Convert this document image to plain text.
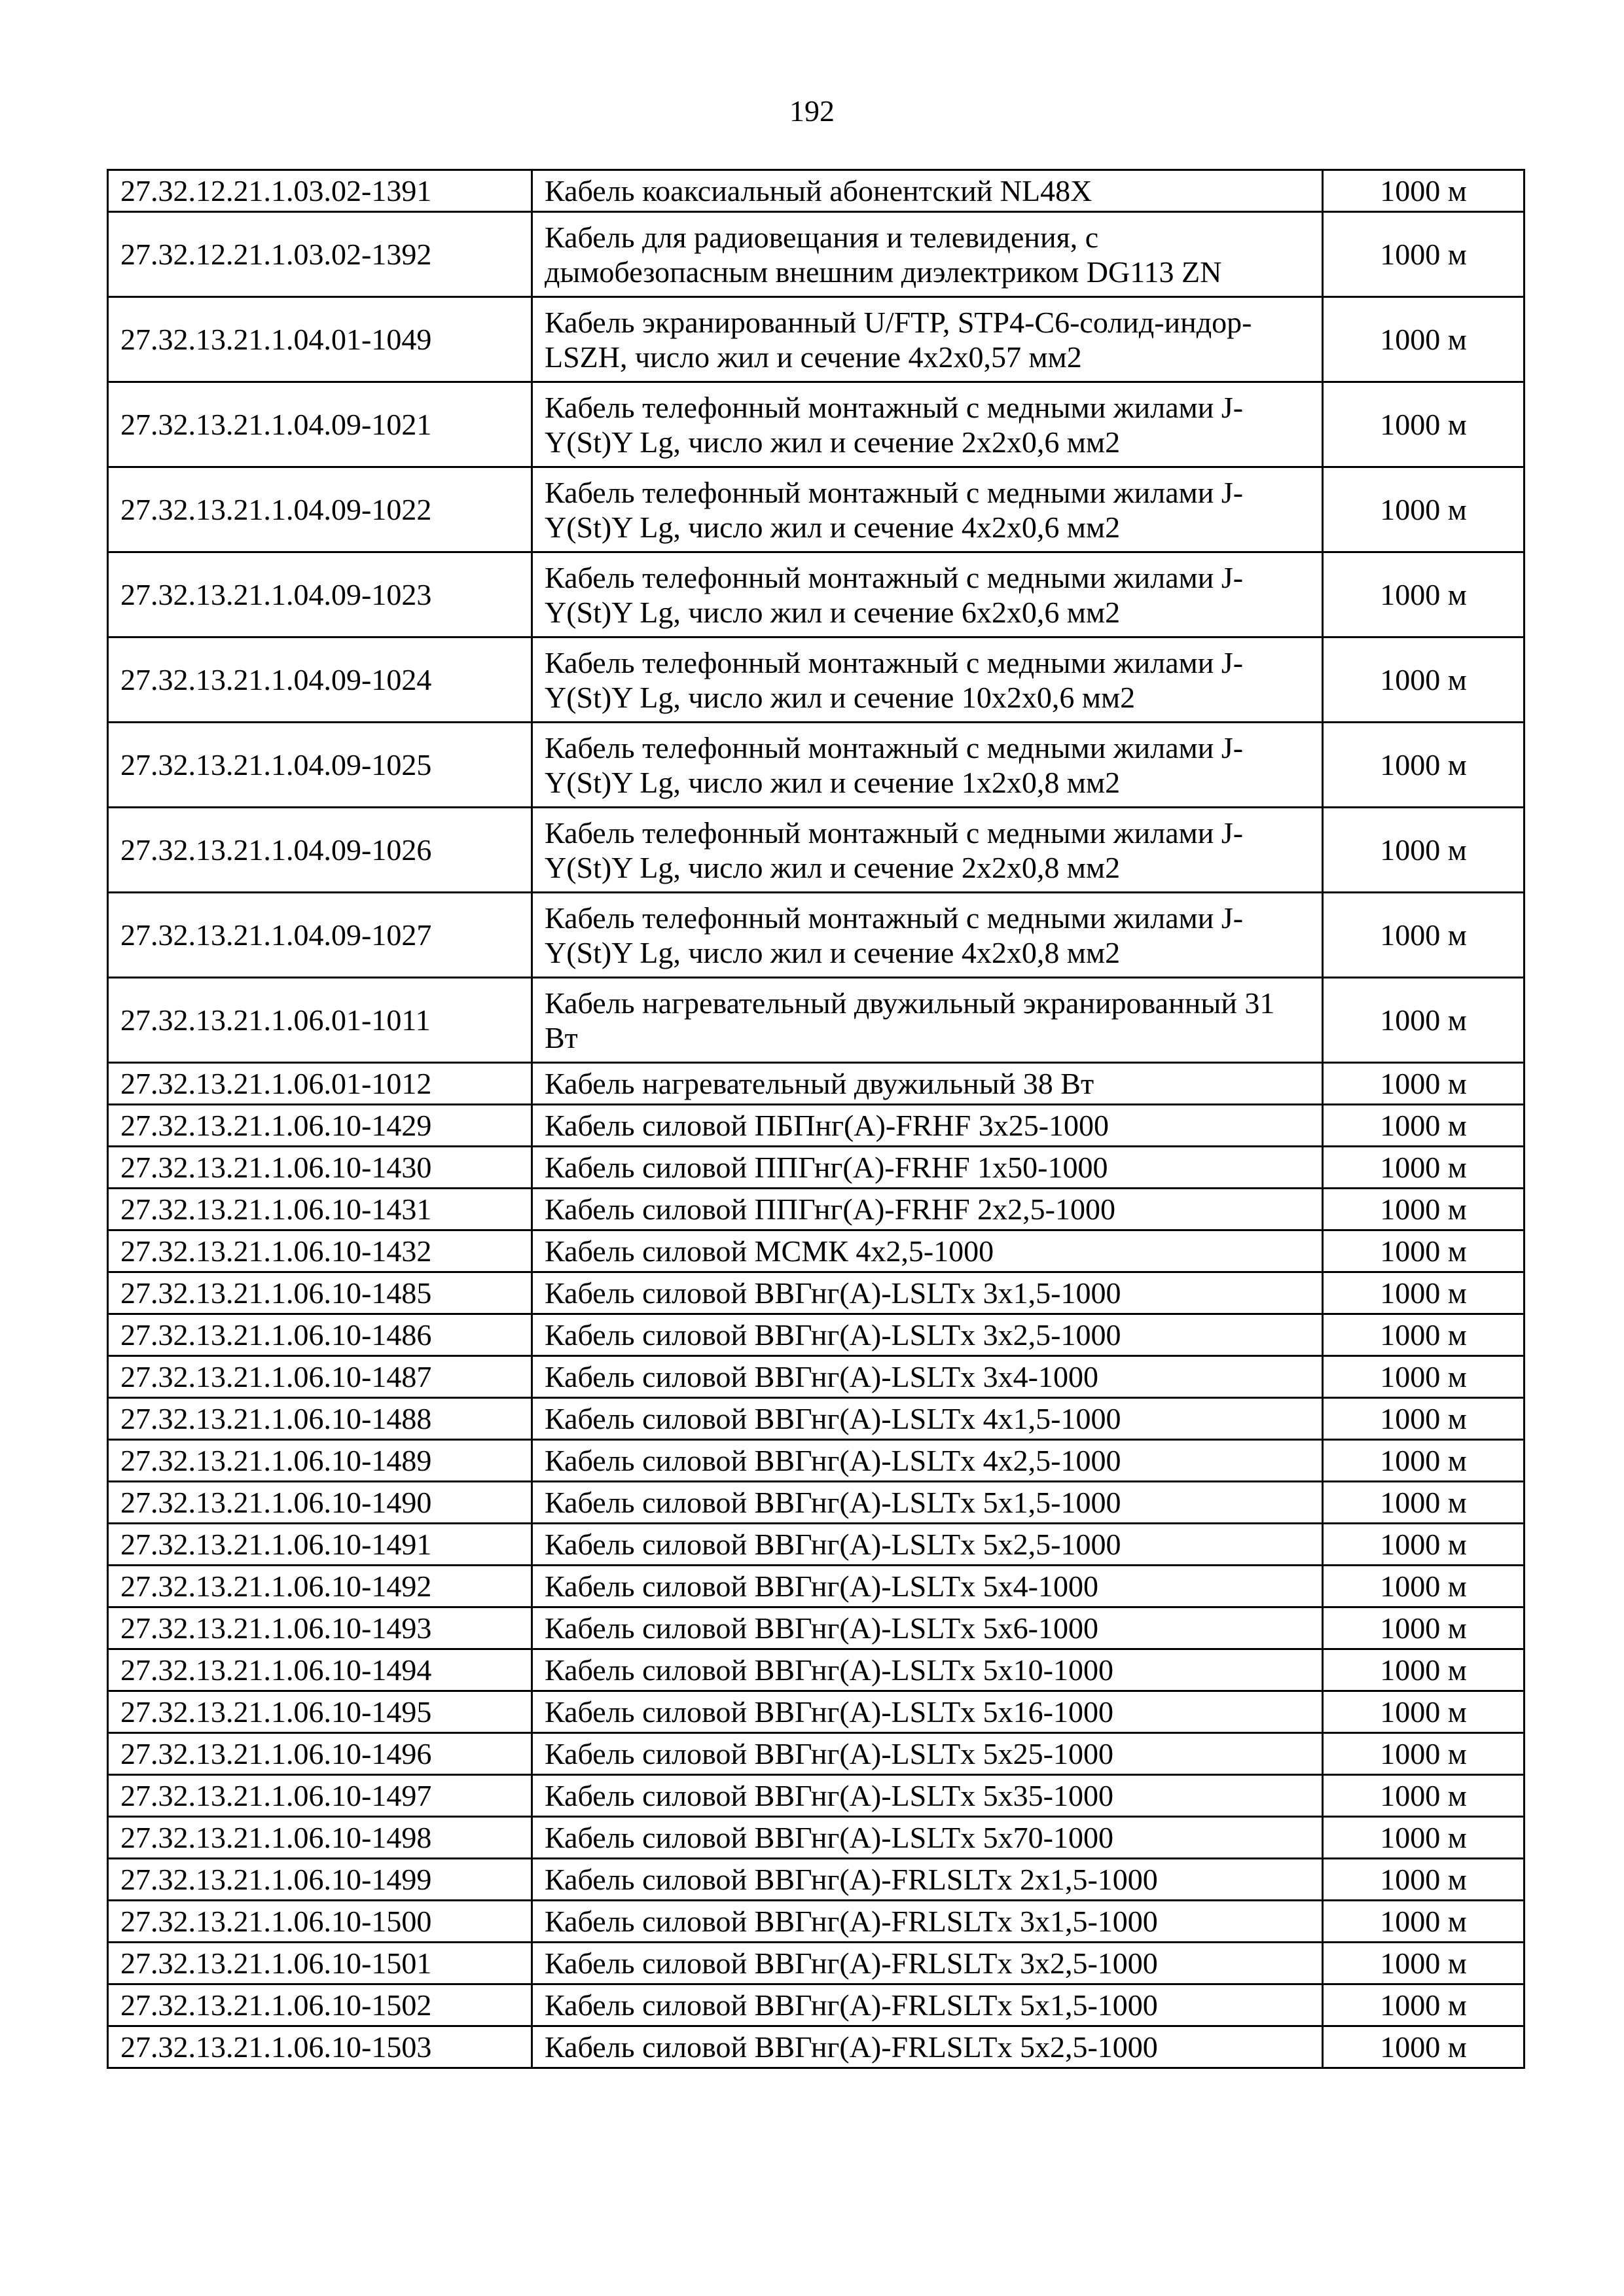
192
27.32.12.21.1.03.02-1391	Кабель коаксиальный абонентский NL48X	1000 м
27.32.12.21.1.03.02-1392	Кабель для радиовещания и телевидения, с дымобезопасным внешним диэлектриком DG113 ZN	1000 м
27.32.13.21.1.04.01-1049	Кабель экранированный U/FTP, STP4-C6-солид-индор-LSZH, число жил и сечение 4x2x0,57 мм2	1000 м
27.32.13.21.1.04.09-1021	Кабель телефонный монтажный с медными жилами J-Y(St)Y Lg, число жил и сечение 2x2x0,6 мм2	1000 м
27.32.13.21.1.04.09-1022	Кабель телефонный монтажный с медными жилами J-Y(St)Y Lg, число жил и сечение 4x2x0,6 мм2	1000 м
27.32.13.21.1.04.09-1023	Кабель телефонный монтажный с медными жилами J-Y(St)Y Lg, число жил и сечение 6x2x0,6 мм2	1000 м
27.32.13.21.1.04.09-1024	Кабель телефонный монтажный с медными жилами J-Y(St)Y Lg, число жил и сечение 10x2x0,6 мм2	1000 м
27.32.13.21.1.04.09-1025	Кабель телефонный монтажный с медными жилами J-Y(St)Y Lg, число жил и сечение 1x2x0,8 мм2	1000 м
27.32.13.21.1.04.09-1026	Кабель телефонный монтажный с медными жилами J-Y(St)Y Lg, число жил и сечение 2x2x0,8 мм2	1000 м
27.32.13.21.1.04.09-1027	Кабель телефонный монтажный с медными жилами J-Y(St)Y Lg, число жил и сечение 4x2x0,8 мм2	1000 м
27.32.13.21.1.06.01-1011	Кабель нагревательный двужильный экранированный 31 Вт	1000 м
27.32.13.21.1.06.01-1012	Кабель нагревательный двужильный 38 Вт	1000 м
27.32.13.21.1.06.10-1429	Кабель силовой ПБПнг(А)-FRHF 3x25-1000	1000 м
27.32.13.21.1.06.10-1430	Кабель силовой ППГнг(А)-FRHF 1x50-1000	1000 м
27.32.13.21.1.06.10-1431	Кабель силовой ППГнг(А)-FRHF 2x2,5-1000	1000 м
27.32.13.21.1.06.10-1432	Кабель силовой МСМК 4x2,5-1000	1000 м
27.32.13.21.1.06.10-1485	Кабель силовой ВВГнг(А)-LSLTx 3x1,5-1000	1000 м
27.32.13.21.1.06.10-1486	Кабель силовой ВВГнг(А)-LSLTx 3x2,5-1000	1000 м
27.32.13.21.1.06.10-1487	Кабель силовой ВВГнг(А)-LSLTx 3x4-1000	1000 м
27.32.13.21.1.06.10-1488	Кабель силовой ВВГнг(А)-LSLTx 4x1,5-1000	1000 м
27.32.13.21.1.06.10-1489	Кабель силовой ВВГнг(А)-LSLTx 4x2,5-1000	1000 м
27.32.13.21.1.06.10-1490	Кабель силовой ВВГнг(А)-LSLTx 5x1,5-1000	1000 м
27.32.13.21.1.06.10-1491	Кабель силовой ВВГнг(А)-LSLTx 5x2,5-1000	1000 м
27.32.13.21.1.06.10-1492	Кабель силовой ВВГнг(А)-LSLTx 5x4-1000	1000 м
27.32.13.21.1.06.10-1493	Кабель силовой ВВГнг(А)-LSLTx 5x6-1000	1000 м
27.32.13.21.1.06.10-1494	Кабель силовой ВВГнг(А)-LSLTx 5x10-1000	1000 м
27.32.13.21.1.06.10-1495	Кабель силовой ВВГнг(А)-LSLTx 5x16-1000	1000 м
27.32.13.21.1.06.10-1496	Кабель силовой ВВГнг(А)-LSLTx 5x25-1000	1000 м
27.32.13.21.1.06.10-1497	Кабель силовой ВВГнг(А)-LSLTx 5x35-1000	1000 м
27.32.13.21.1.06.10-1498	Кабель силовой ВВГнг(А)-LSLTx 5x70-1000	1000 м
27.32.13.21.1.06.10-1499	Кабель силовой ВВГнг(А)-FRLSLTx 2x1,5-1000	1000 м
27.32.13.21.1.06.10-1500	Кабель силовой ВВГнг(А)-FRLSLTx 3x1,5-1000	1000 м
27.32.13.21.1.06.10-1501	Кабель силовой ВВГнг(А)-FRLSLTx 3x2,5-1000	1000 м
27.32.13.21.1.06.10-1502	Кабель силовой ВВГнг(А)-FRLSLTx 5x1,5-1000	1000 м
27.32.13.21.1.06.10-1503	Кабель силовой ВВГнг(А)-FRLSLTx 5x2,5-1000	1000 м
